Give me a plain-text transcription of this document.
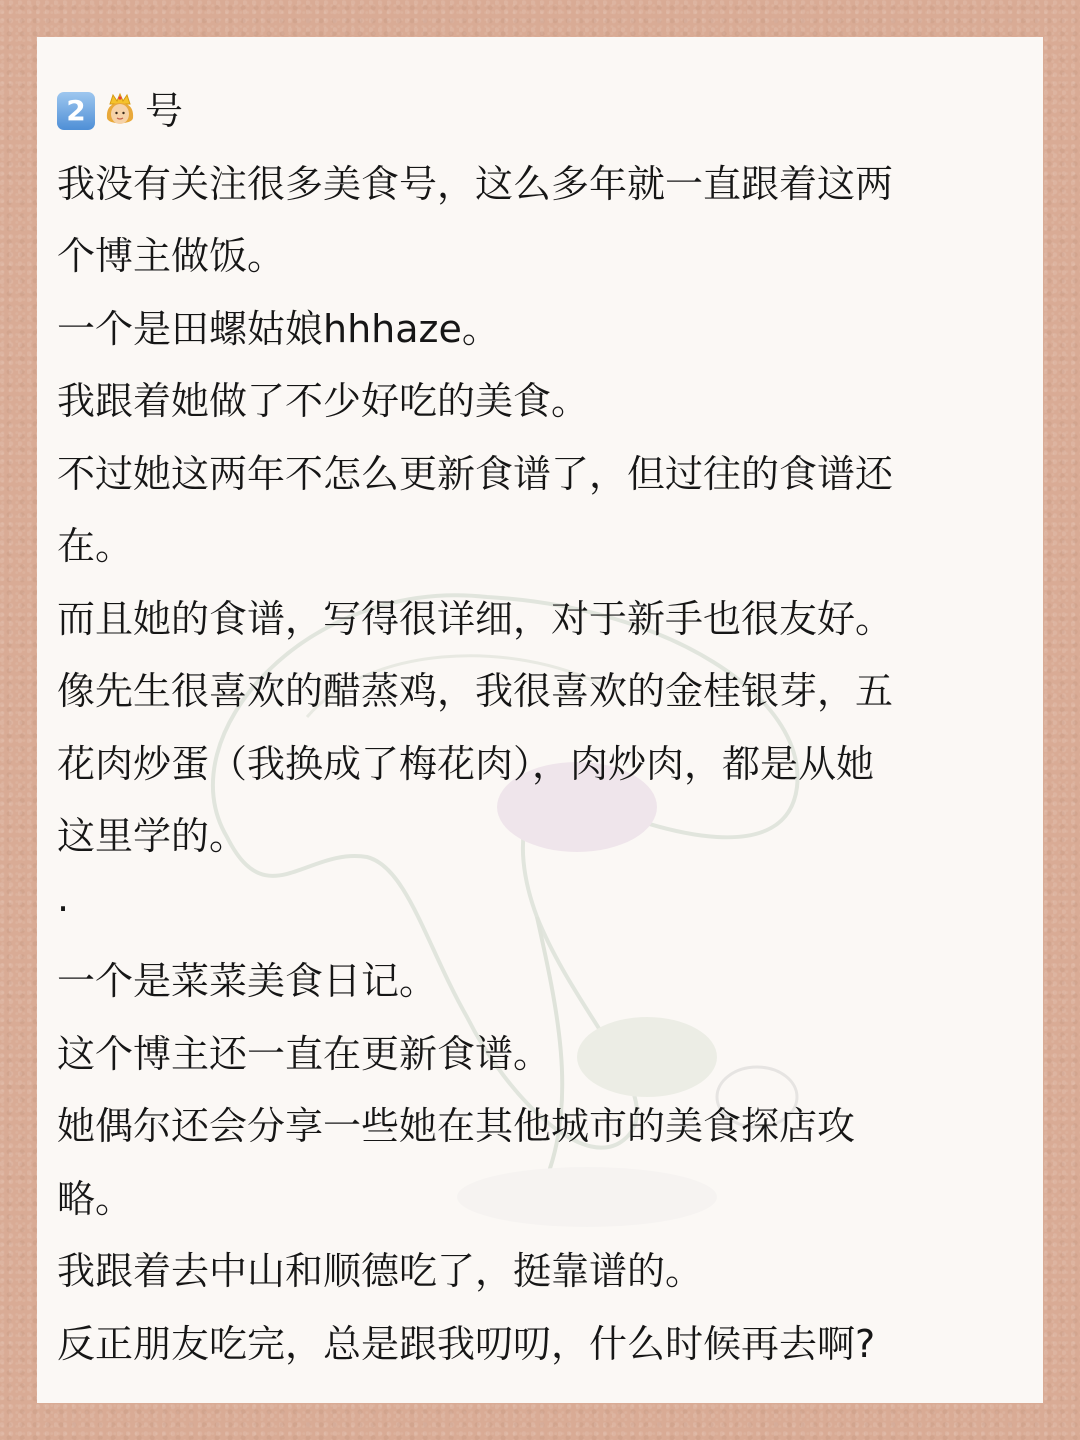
2 号

我没有关注很多美食号，这么多年就一直跟着这两

个博主做饭。

一个是田螺姑娘hhhaze。

我跟着她做了不少好吃的美食。

不过她这两年不怎么更新食谱了，但过往的食谱还

在。

而且她的食谱，写得很详细，对于新手也很友好。

像先生很喜欢的醋蒸鸡，我很喜欢的金桂银芽，五

花肉炒蛋（我换成了梅花肉），肉炒肉，都是从她

这里学的。

·

一个是菜菜美食日记。

这个博主还一直在更新食谱。

她偶尔还会分享一些她在其他城市的美食探店攻

略。

我跟着去中山和顺德吃了，挺靠谱的。

反正朋友吃完，总是跟我叨叨，什么时候再去啊?
